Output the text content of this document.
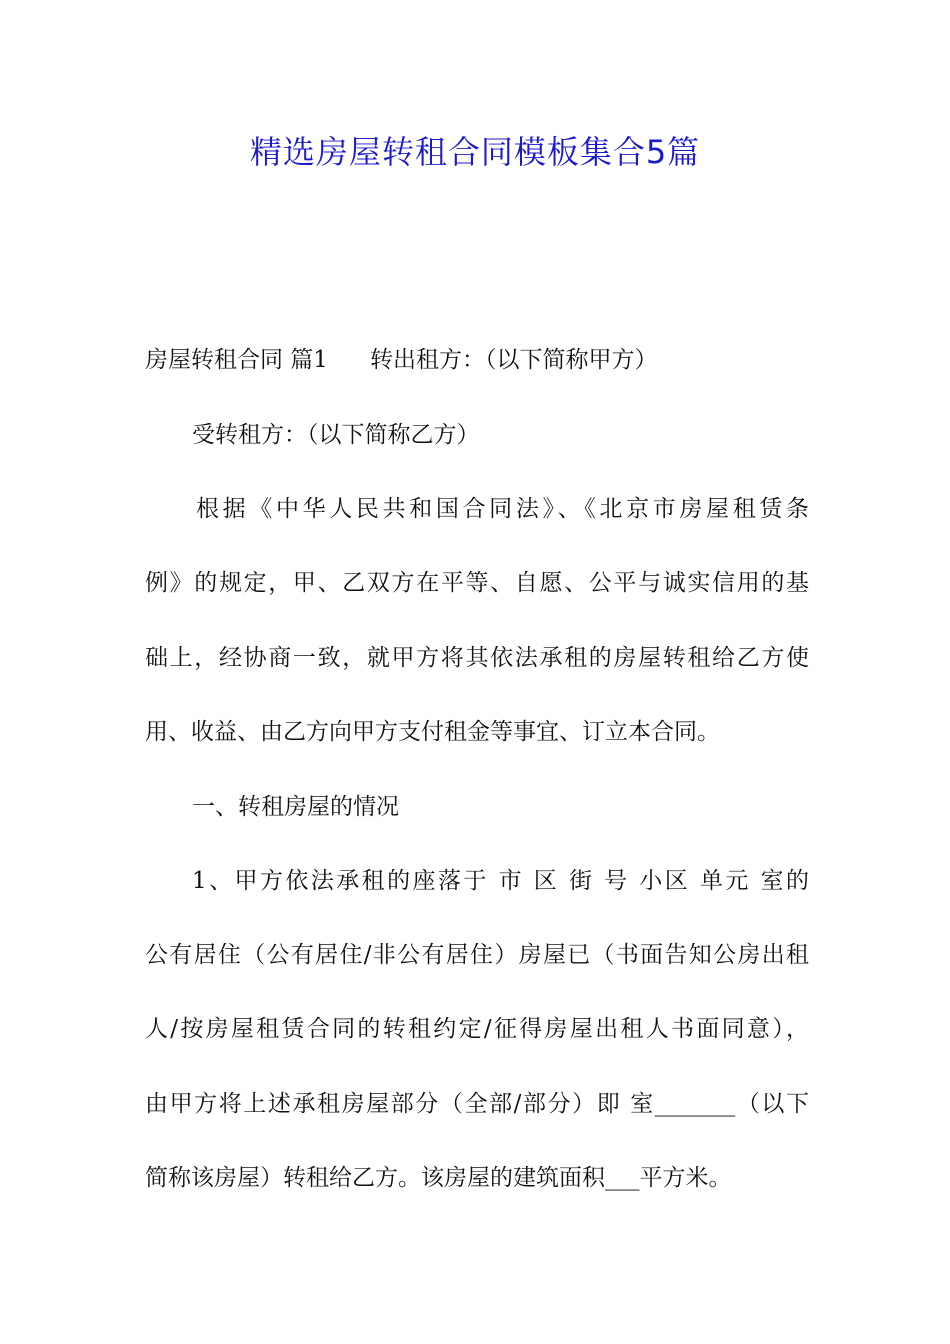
精选房屋转租合同模板集合5篇
房屋转租合同 篇1 转出租方：（以下简称甲方）
受转租方：（以下简称乙方）
根据《中华人民共和国合同法》、《北京市房屋租赁条
例》的规定，甲、乙双方在平等、自愿、公平与诚实信用的基
础上，经协商一致，就甲方将其依法承租的房屋转租给乙方使
用、收益、由乙方向甲方支付租金等事宜、订立本合同。
一、转租房屋的情况
1、甲方依法承租的座落于 市 区 街 号 小区 单元 室的
公有居住（公有居住/非公有居住）房屋已（书面告知公房出租
人/按房屋租赁合同的转租约定/征得房屋出租人书面同意），
由甲方将上述承租房屋部分（全部/部分）即 室_______（以下
简称该房屋）转租给乙方。该房屋的建筑面积___平方米。
